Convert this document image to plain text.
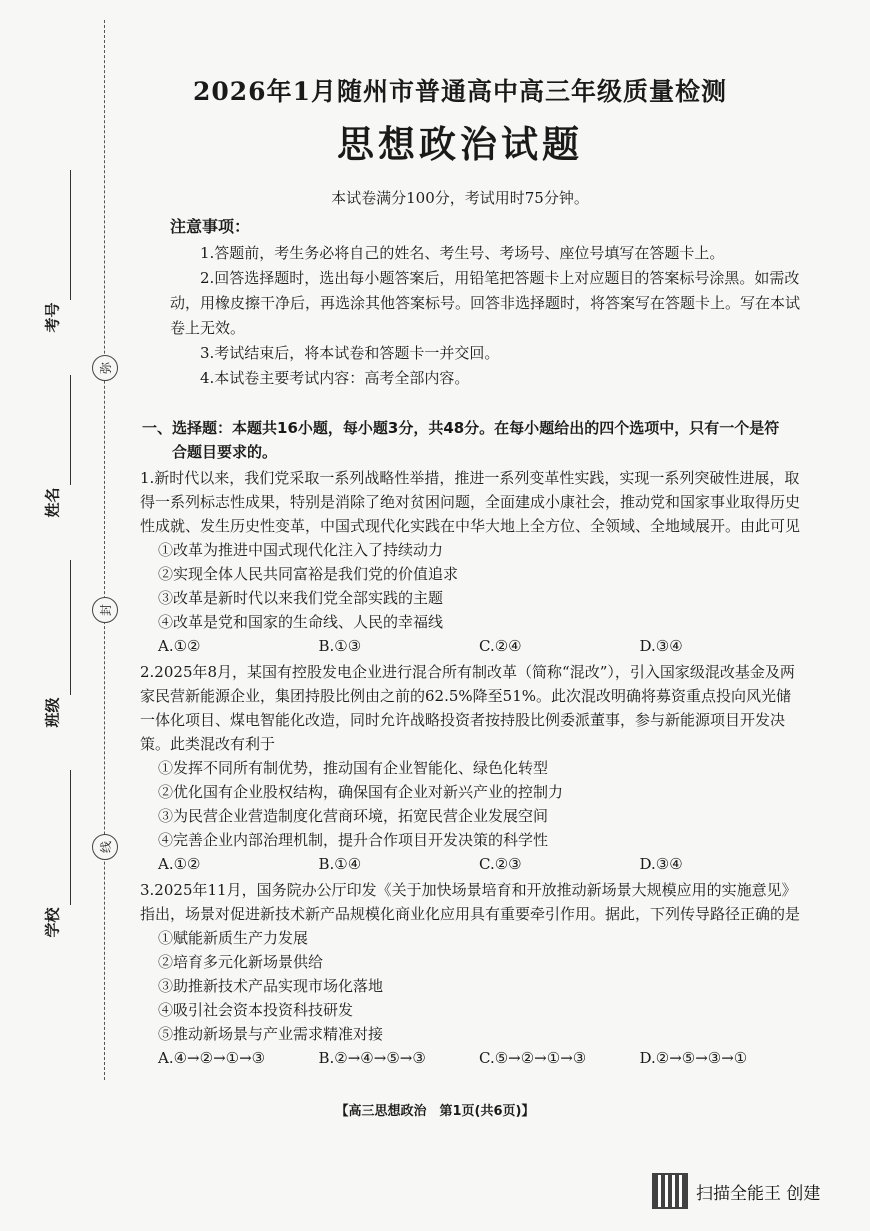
考号
姓名
班级
学校
弥
封
线
2026年1月随州市普通高中高三年级质量检测
思想政治试题
本试卷满分100分，考试用时75分钟。
注意事项：
1.答题前，考生务必将自己的姓名、考生号、考场号、座位号填写在答题卡上。
2.回答选择题时，选出每小题答案后，用铅笔把答题卡上对应题目的答案标号涂黑。如需改动，用橡皮擦干净后，再选涂其他答案标号。回答非选择题时，将答案写在答题卡上。写在本试卷上无效。
3.考试结束后，将本试卷和答题卡一并交回。
4.本试卷主要考试内容：高考全部内容。
一、选择题：本题共16小题，每小题3分，共48分。在每小题给出的四个选项中，只有一个是符
合题目要求的。
1.新时代以来，我们党采取一系列战略性举措，推进一系列变革性实践，实现一系列突破性进展，取得一系列标志性成果，特别是消除了绝对贫困问题，全面建成小康社会，推动党和国家事业取得历史性成就、发生历史性变革，中国式现代化实践在中华大地上全方位、全领域、全地域展开。由此可见
①改革为推进中国式现代化注入了持续动力
②实现全体人民共同富裕是我们党的价值追求
③改革是新时代以来我们党全部实践的主题
④改革是党和国家的生命线、人民的幸福线
A.①②	B.①③	C.②④	D.③④
2.2025年8月，某国有控股发电企业进行混合所有制改革（简称“混改”），引入国家级混改基金及两家民营新能源企业，集团持股比例由之前的62.5%降至51%。此次混改明确将募资重点投向风光储一体化项目、煤电智能化改造，同时允许战略投资者按持股比例委派董事，参与新能源项目开发决策。此类混改有利于
①发挥不同所有制优势，推动国有企业智能化、绿色化转型
②优化国有企业股权结构，确保国有企业对新兴产业的控制力
③为民营企业营造制度化营商环境，拓宽民营企业发展空间
④完善企业内部治理机制，提升合作项目开发决策的科学性
A.①②	B.①④	C.②③	D.③④
3.2025年11月，国务院办公厅印发《关于加快场景培育和开放推动新场景大规模应用的实施意见》指出，场景对促进新技术新产品规模化商业化应用具有重要牵引作用。据此，下列传导路径正确的是
①赋能新质生产力发展
②培育多元化新场景供给
③助推新技术产品实现市场化落地
④吸引社会资本投资科技研发
⑤推动新场景与产业需求精准对接
A.④→②→①→③	B.②→④→⑤→③	C.⑤→②→①→③	D.②→⑤→③→①
【高三思想政治　第1页(共6页)】
扫描全能王 创建
